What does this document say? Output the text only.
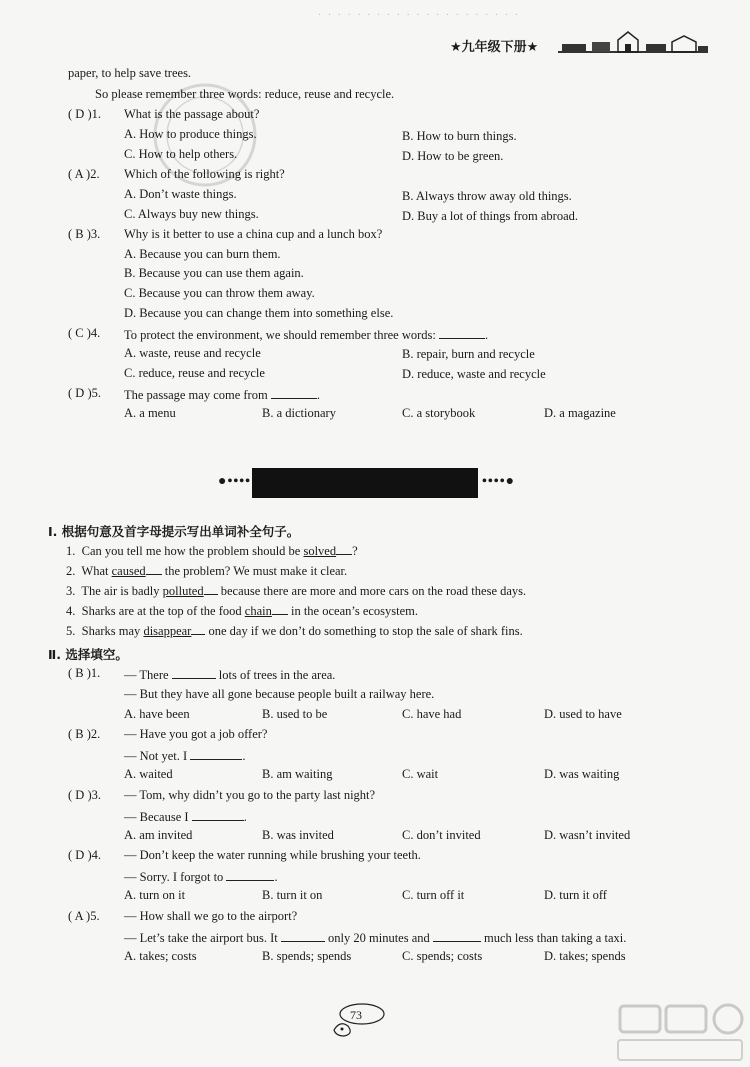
· · · · · · · · · · · · · · · · · · · · ·
★九年级下册★
paper, to help save trees.
So please remember three words: reduce, reuse and recycle.
( D )1. What is the passage about?
A. How to produce things.	B. How to burn things.
C. How to help others.	D. How to be green.
( A )2. Which of the following is right?
A. Don’t waste things.	B. Always throw away old things.
C. Always buy new things.	D. Buy a lot of things from abroad.
( B )3. Why is it better to use a china cup and a lunch box?
A. Because you can burn them.
B. Because you can use them again.
C. Because you can throw them away.
D. Because you can change them into something else.
( C )4. To protect the environment, we should remember three words:	.
A. waste, reuse and recycle	B. repair, burn and recycle
C. reduce, reuse and recycle	D. reduce, waste and recycle
( D )5. The passage may come from	.
A. a menu	B. a dictionary	C. a storybook	D. a magazine
●••••	••••●
I. 根据句意及首字母提示写出单词补全句子。
1. Can you tell me how the problem should be solved ?
2. What caused the problem? We must make it clear.
3. The air is badly polluted because there are more and more cars on the road these days.
4. Sharks are at the top of the food chain in the ocean’s ecosystem.
5. Sharks may disappear one day if we don’t do something to stop the sale of shark fins.
Ⅱ. 选择填空。
( B )1. — There	lots of trees in the area.
— But they have all gone because people built a railway here.
A. have been	B. used to be	C. have had	D. used to have
( B )2. — Have you got a job offer?
— Not yet. I	.
A. waited	B. am waiting	C. wait	D. was waiting
( D )3. — Tom, why didn’t you go to the party last night?
— Because I	.
A. am invited	B. was invited	C. don’t invited	D. wasn’t invited
( D )4. — Don’t keep the water running while brushing your teeth.
— Sorry. I forgot to	.
A. turn on it	B. turn it on	C. turn off it	D. turn it off
( A )5. — How shall we go to the airport?
— Let’s take the airport bus. It	only 20 minutes and	much less than taking a taxi.
A. takes; costs	B. spends; spends	C. spends; costs	D. takes; spends
73
